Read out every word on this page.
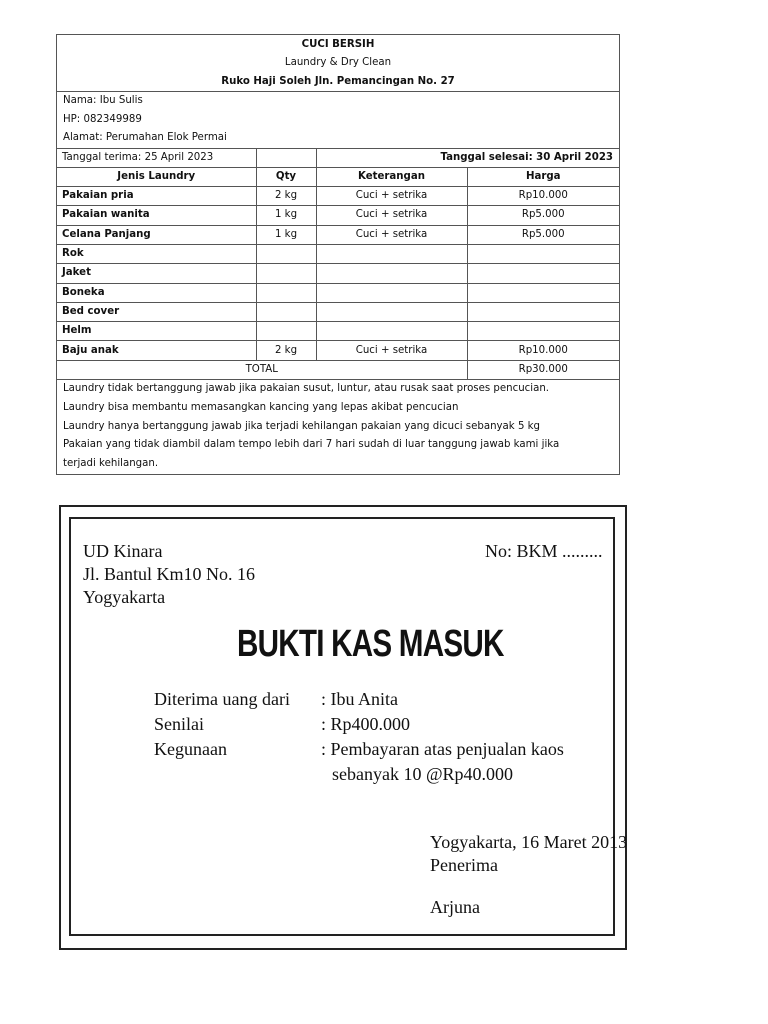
CUCI BERSIH
Laundry & Dry Clean
Ruko Haji Soleh Jln. Pemancingan No. 27
Nama: Ibu Sulis
HP: 082349989
Alamat: Perumahan Elok Permai
Tanggal terima: 25 April 2023		Tanggal selesai: 30 April 2023	
Jenis Laundry	Qty	Keterangan	Harga
Pakaian pria	2 kg	Cuci + setrika	Rp10.000
Pakaian wanita	1 kg	Cuci + setrika	Rp5.000
Celana Panjang	1 kg	Cuci + setrika	Rp5.000
Rok			
Jaket			
Boneka			
Bed cover			
Helm			
Baju anak	2 kg	Cuci + setrika	Rp10.000
TOTAL			Rp30.000
Laundry tidak bertanggung jawab jika pakaian susut, luntur, atau rusak saat proses pencucian.
Laundry bisa membantu memasangkan kancing yang lepas akibat pencucian
Laundry hanya bertanggung jawab jika terjadi kehilangan pakaian yang dicuci sebanyak 5 kg
Pakaian yang tidak diambil dalam tempo lebih dari 7 hari sudah di luar tanggung jawab kami jika
terjadi kehilangan.
UD Kinara
Jl. Bantul Km10 No. 16
Yogyakarta
No: BKM .........
BUKTI KAS MASUK
Diterima uang dari : Ibu Anita
Senilai	: Rp400.000
Kegunaan	: Pembayaran atas penjualan kaos
sebanyak 10 @Rp40.000
Yogyakarta, 16 Maret 2013
Penerima
Arjuna
